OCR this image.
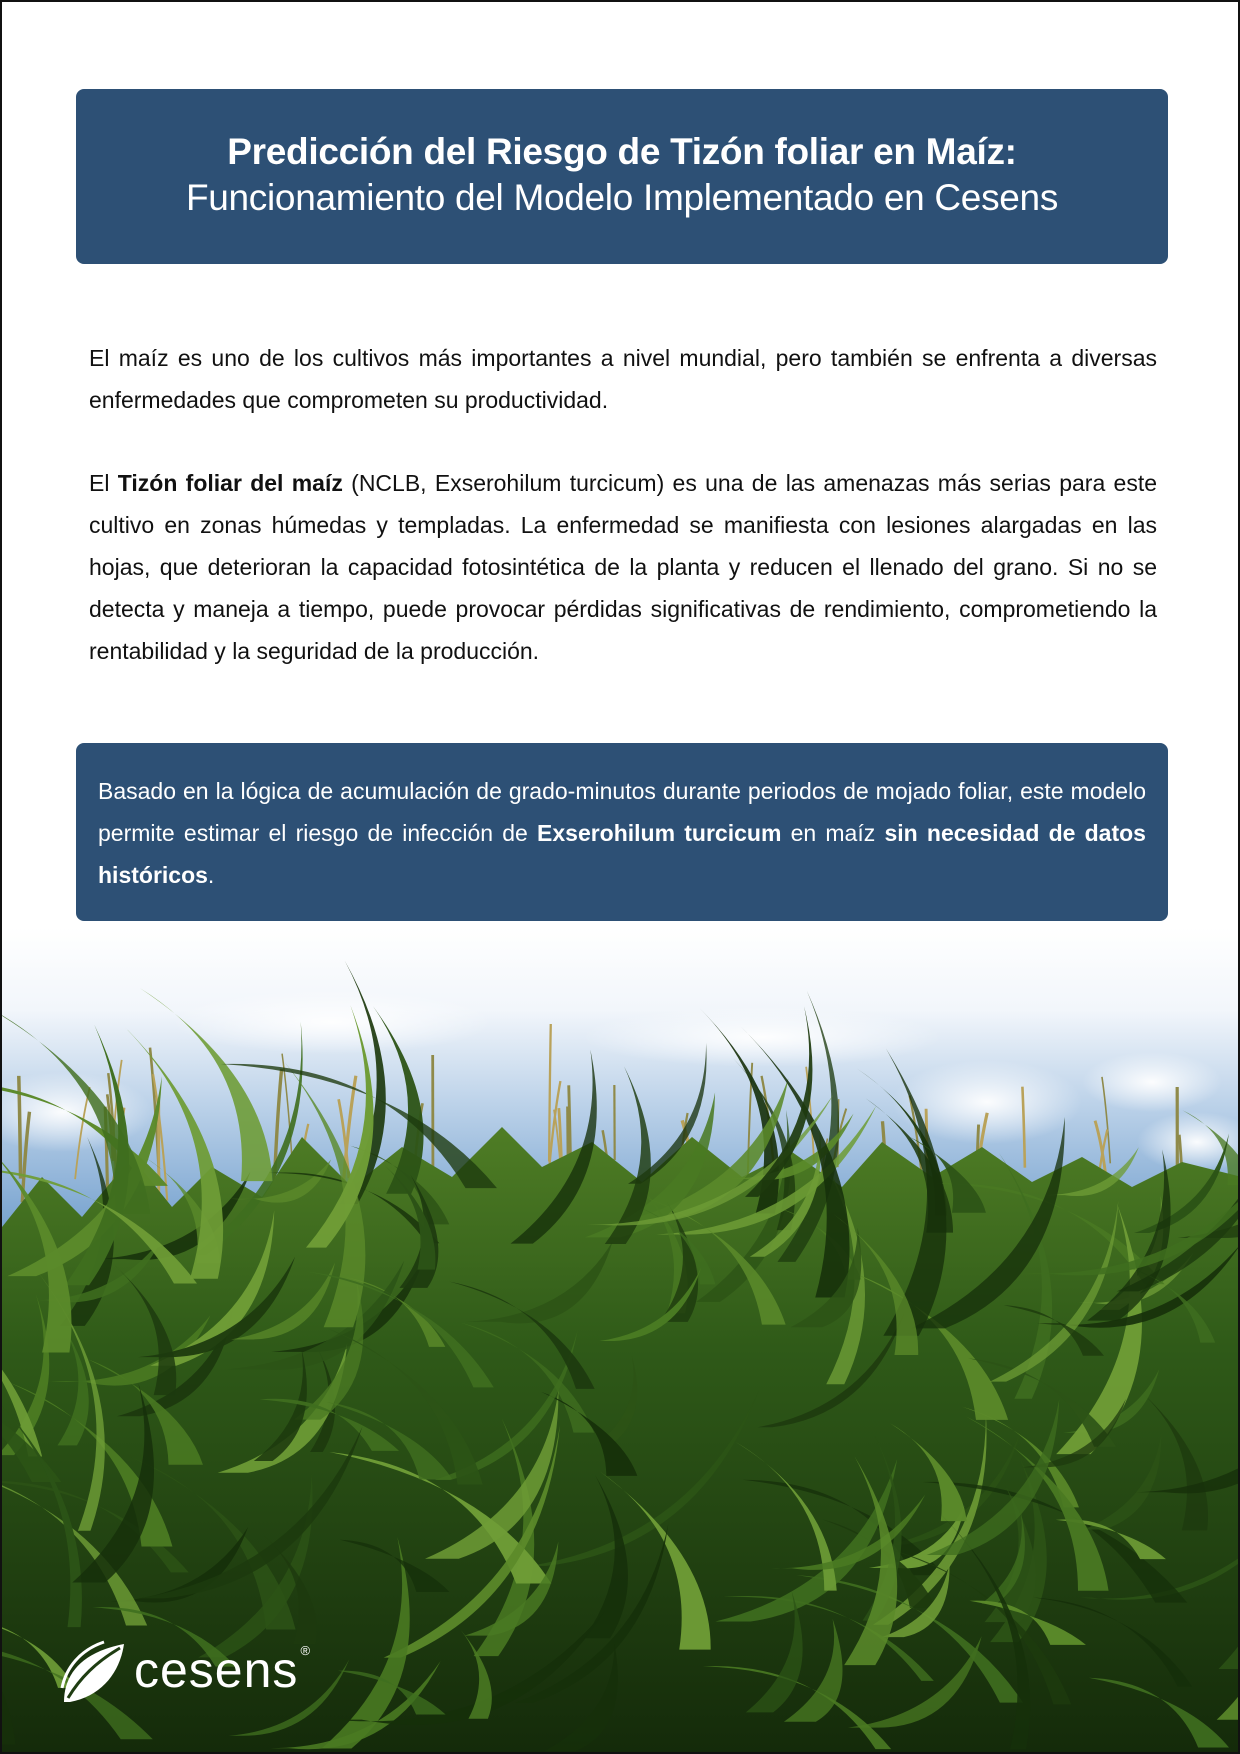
Predicción del Riesgo de Tizón foliar en Maíz:
Funcionamiento del Modelo Implementado en Cesens

El maíz es uno de los cultivos más importantes a nivel mundial, pero también se enfrenta a diversas enfermedades que comprometen su productividad.

El Tizón foliar del maíz (NCLB, Exserohilum turcicum) es una de las amenazas más serias para este cultivo en zonas húmedas y templadas. La enfermedad se manifiesta con lesiones alargadas en las hojas, que deterioran la capacidad fotosintética de la planta y reducen el llenado del grano. Si no se detecta y maneja a tiempo, puede provocar pérdidas significativas de rendimiento, comprometiendo la rentabilidad y la seguridad de la producción.

Basado en la lógica de acumulación de grado-minutos durante periodos de mojado foliar, este modelo permite estimar el riesgo de infección de Exserohilum turcicum en maíz sin necesidad de datos históricos.
cesens ®
